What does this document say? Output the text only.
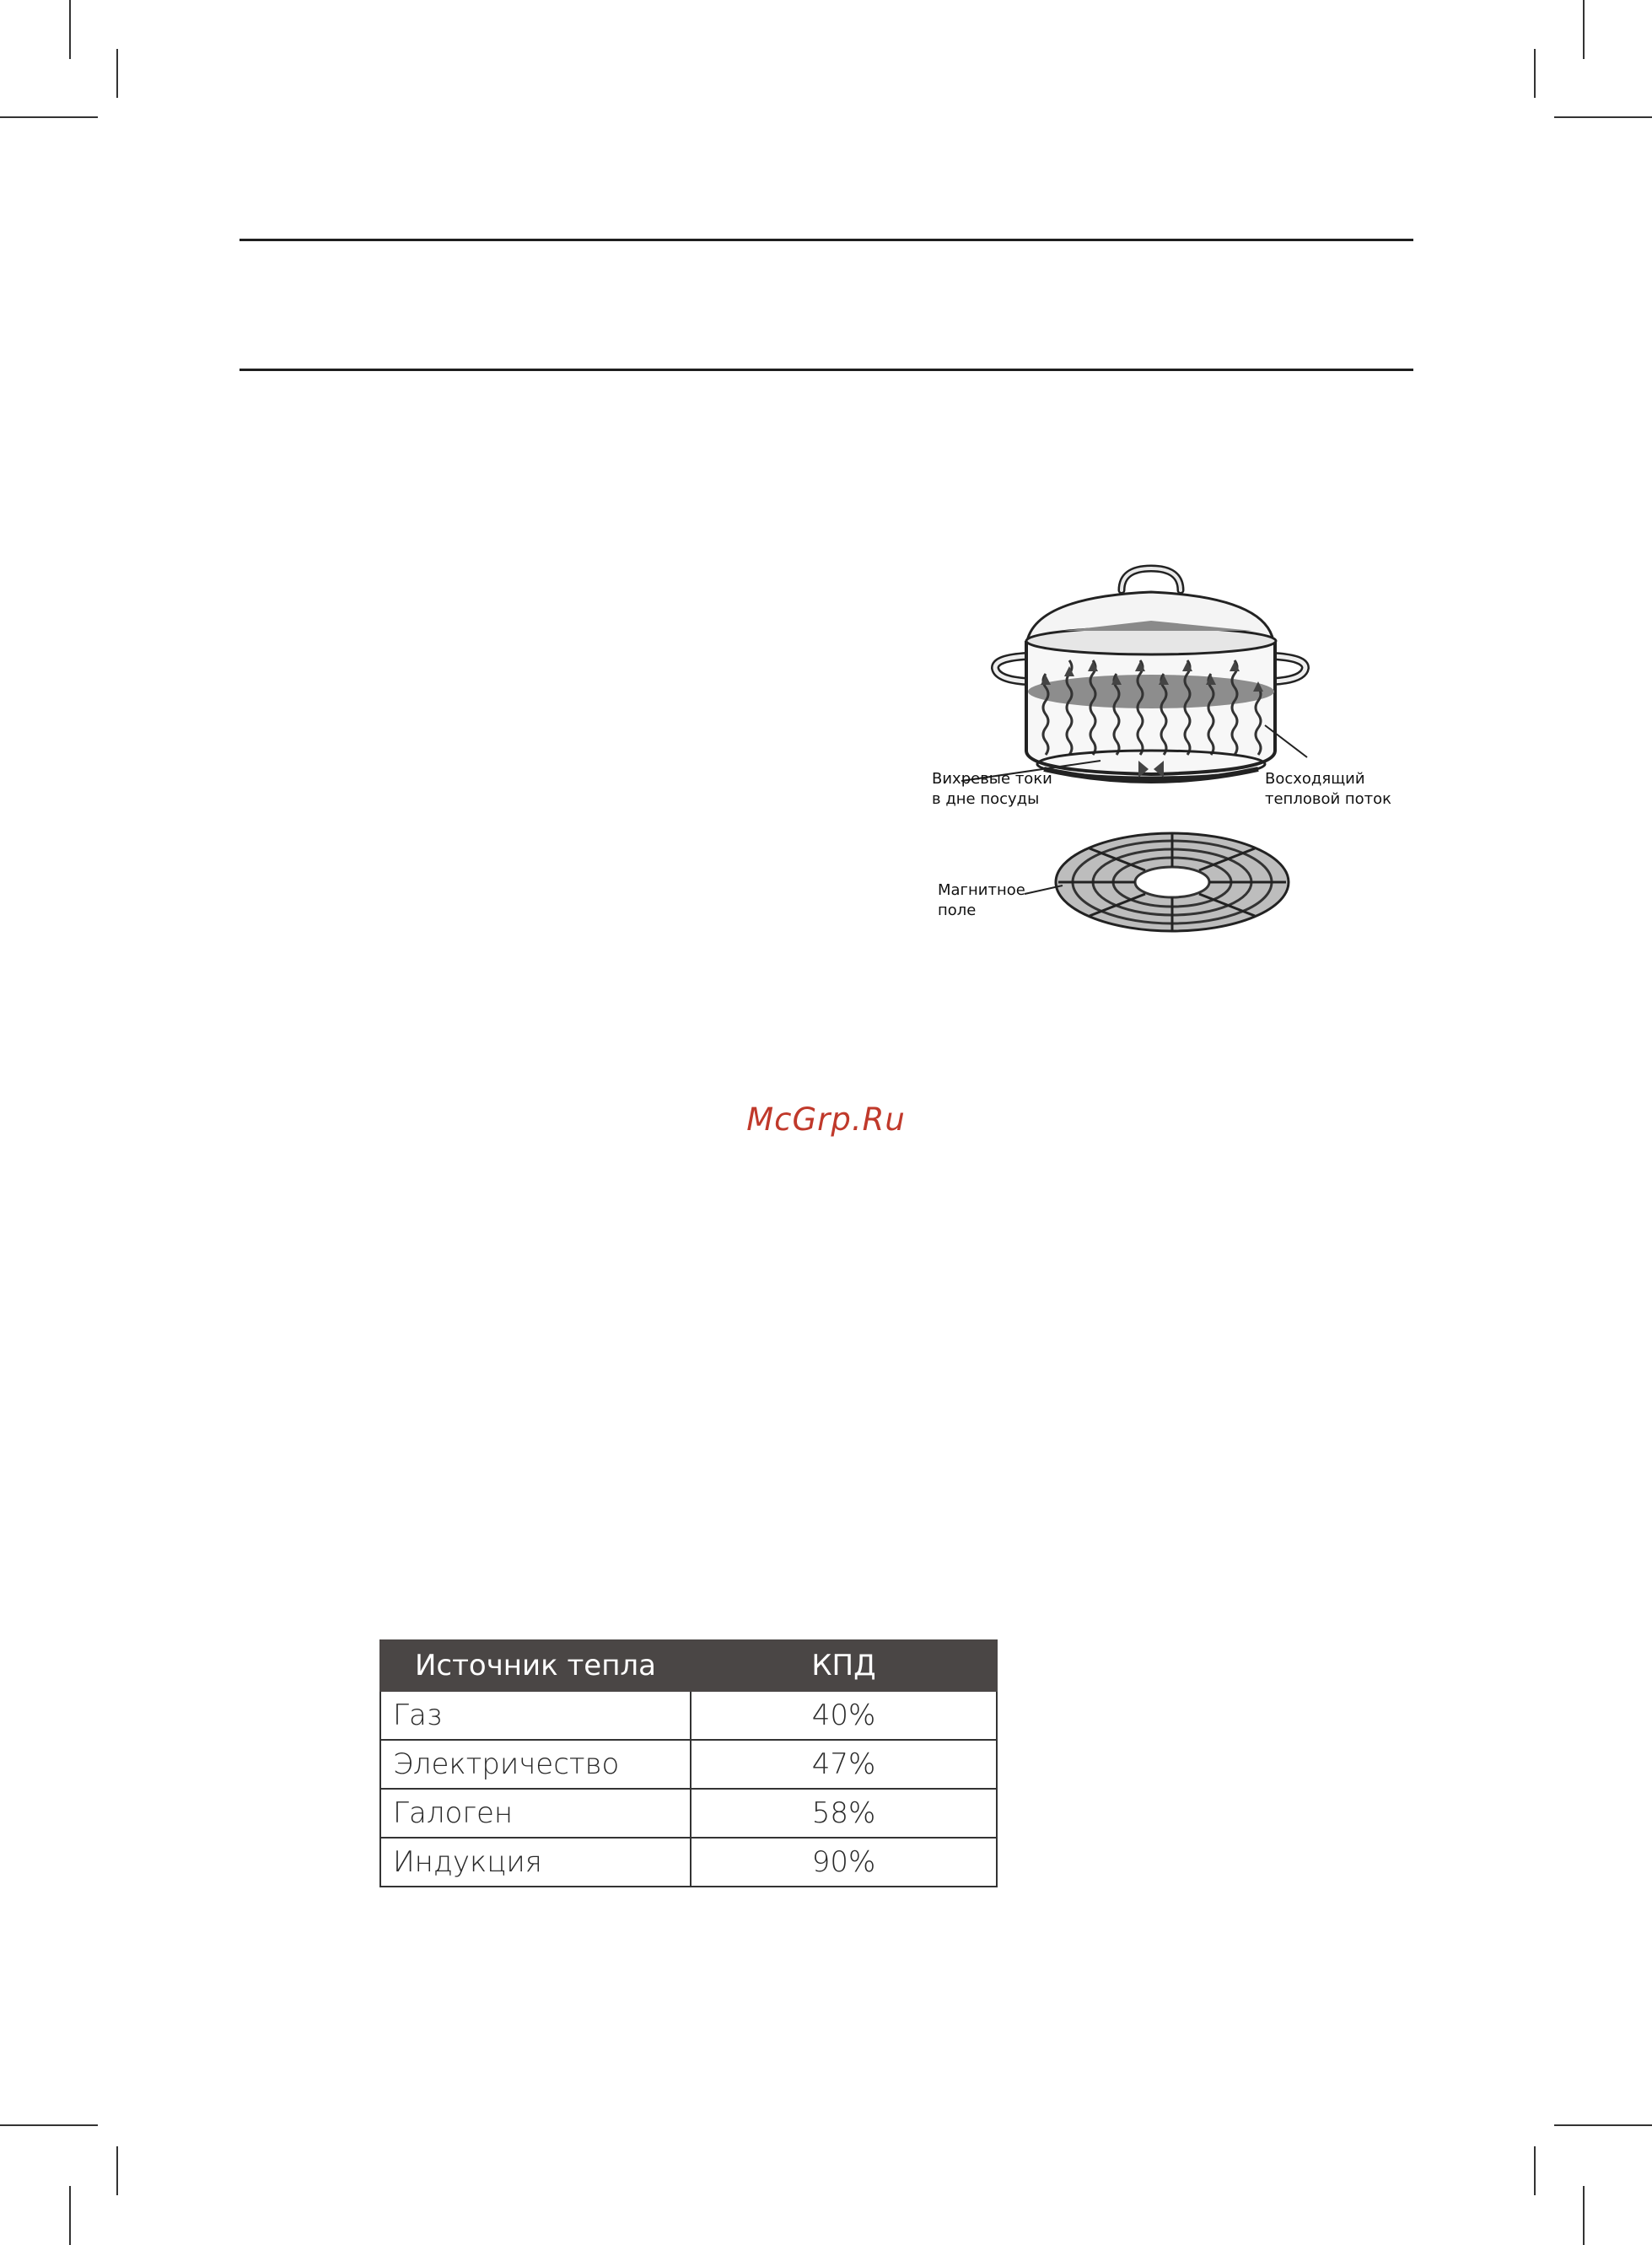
Вихревые токи
в дне посуды
Восходящий
тепловой поток
Магнитное
поле
McGrp.Ru
Источник тепла	КПД
Газ	40%
Электричество	47%
Галоген	58%
Индукция	90%
